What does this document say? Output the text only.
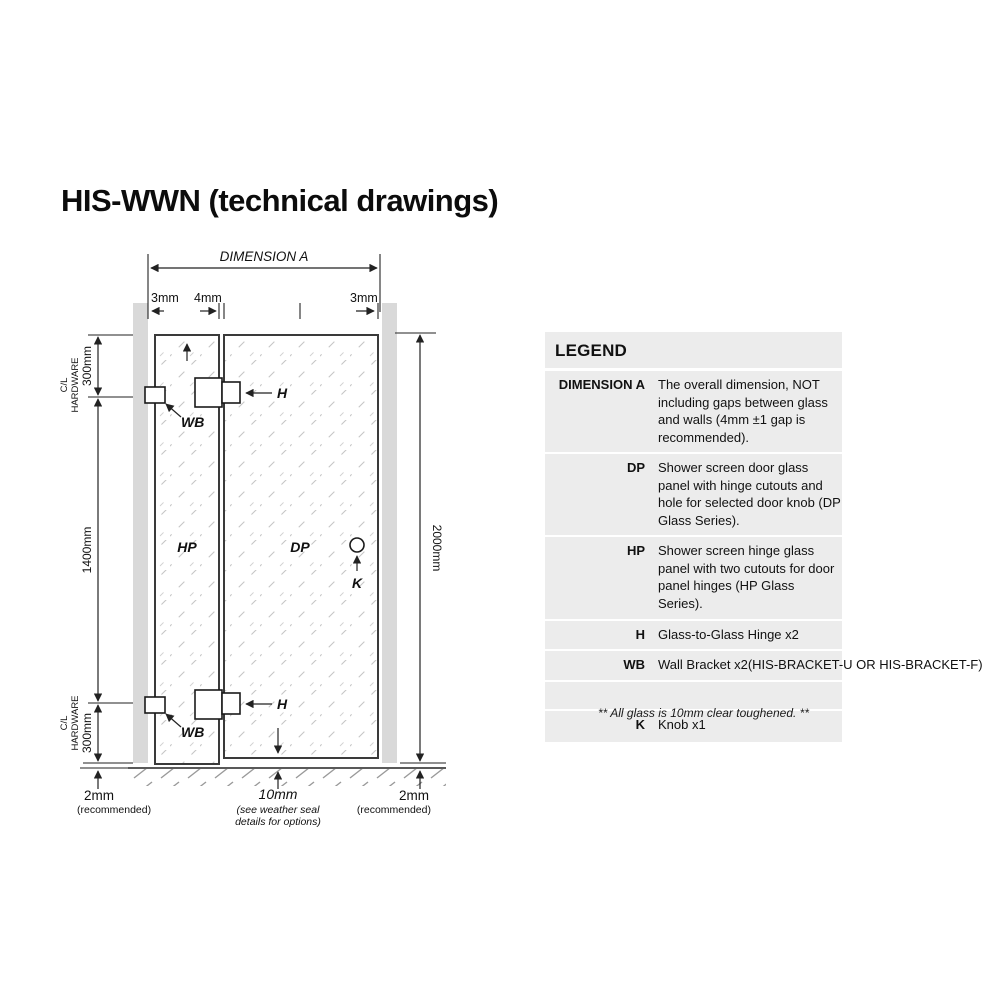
HIS-WWN (technical drawings)
DIMENSION A
3mm 4mm	3mm
H
WB
HP	DP
K
H
WB
10mm
(see weather seal
details for options)
C/L HARDWARE 300mm
1400mm
C/L HARDWARE 300mm
2mm
(recommended)
2000mm
2mm
(recommended)
LEGEND
DIMENSION A	The overall dimension, NOT including gaps between glass and walls (4mm ±1 gap is recommended).
DP	Shower screen door glass panel with hinge cutouts and hole for selected door knob (DP Glass Series).
HP	Shower screen hinge glass panel with two cutouts for door panel hinges (HP Glass Series).
H	Glass-to-Glass Hinge x2
WB	Wall Bracket x2(HIS-BRACKET-U OR HIS-BRACKET-F)
K	Knob x1
** All glass is 10mm clear toughened. **
